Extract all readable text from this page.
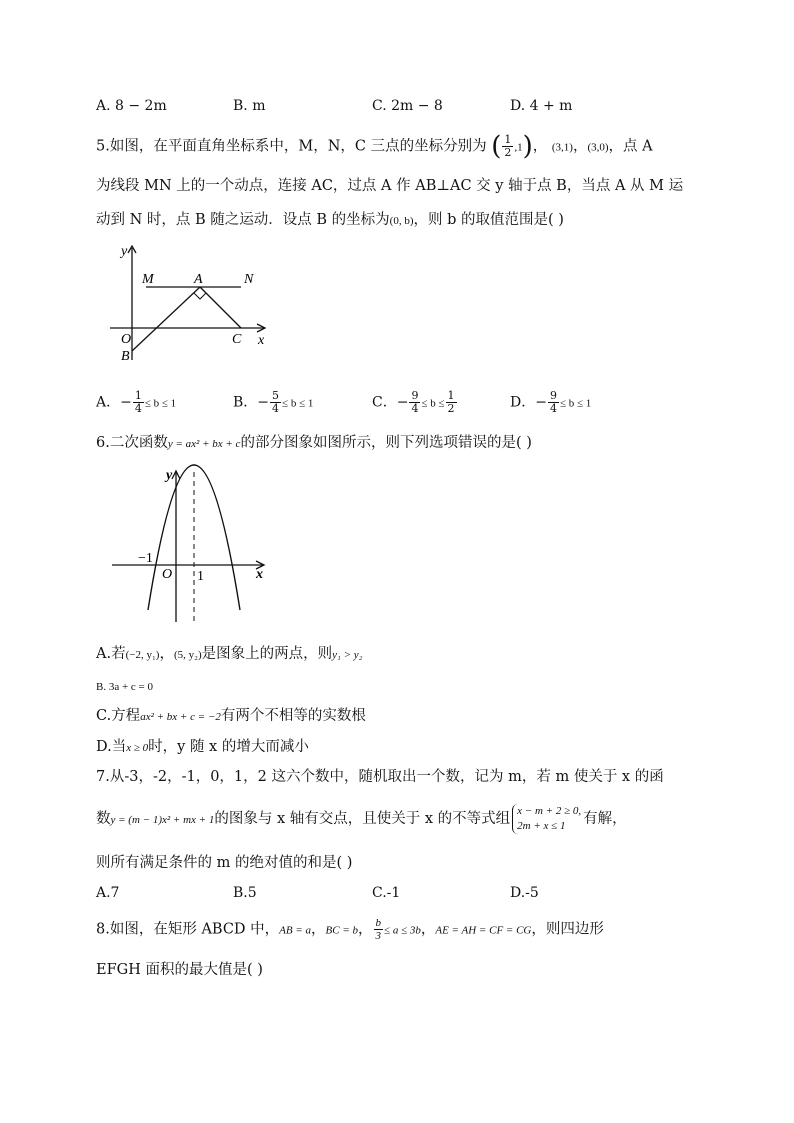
A. 8 − 2m	B. m	C. 2m − 8	D. 4 + m
5.如图，在平面直角坐标系中，M，N，C 三点的坐标分别为 ( $\frac{1}{2} ,1$)， (3,1)，(3,0)，点 A
为线段 MN 上的一个动点，连接 AC，过点 A 作 AB⊥AC 交 y 轴于点 B，当点 A 从 M 运
动到 N 时，点 B 随之运动．设点 B 的坐标为(0, b)，则 b 的取值范围是( )
y
x
M	A	N
O
B
C
A．− $\frac{1}{4} \le b \le 1$	B．− $\frac{5}{4} \le b \le 1$	C．− $\frac{9}{4} \le b \le \frac{1}{2}$	D．− $\frac{9}{4} \le b \le 1$
6.二次函数y = ax² + bx + c的部分图象如图所示，则下列选项错误的是( )
y
x
−1
O 1
A.若(−2, y₁)，(5, y₂)是图象上的两点，则y₁ > y₂
B. 3a + c = 0
C.方程ax² + bx + c = −2有两个不相等的实数根
D.当x ≥ 0时，y 随 x 的增大而减小
7.从-3，-2，-1，0，1，2 这六个数中，随机取出一个数，记为 m，若 m 使关于 x 的函
数y = (m − 1)x² + mx + 1的图象与 x 轴有交点，且使关于 x 的不等式组 x − m + 2 ≥ 0,
2m + x ≤ 1	有解，
则所有满足条件的 m 的绝对值的和是( )
A.7	B.5	C.-1	D.-5
8.如图，在矩形 ABCD 中，AB = a，BC = b， $\frac{b}{3} \le a \le 3b$，AE = AH = CF = CG，则四边形
EFGH 面积的最大值是( )
